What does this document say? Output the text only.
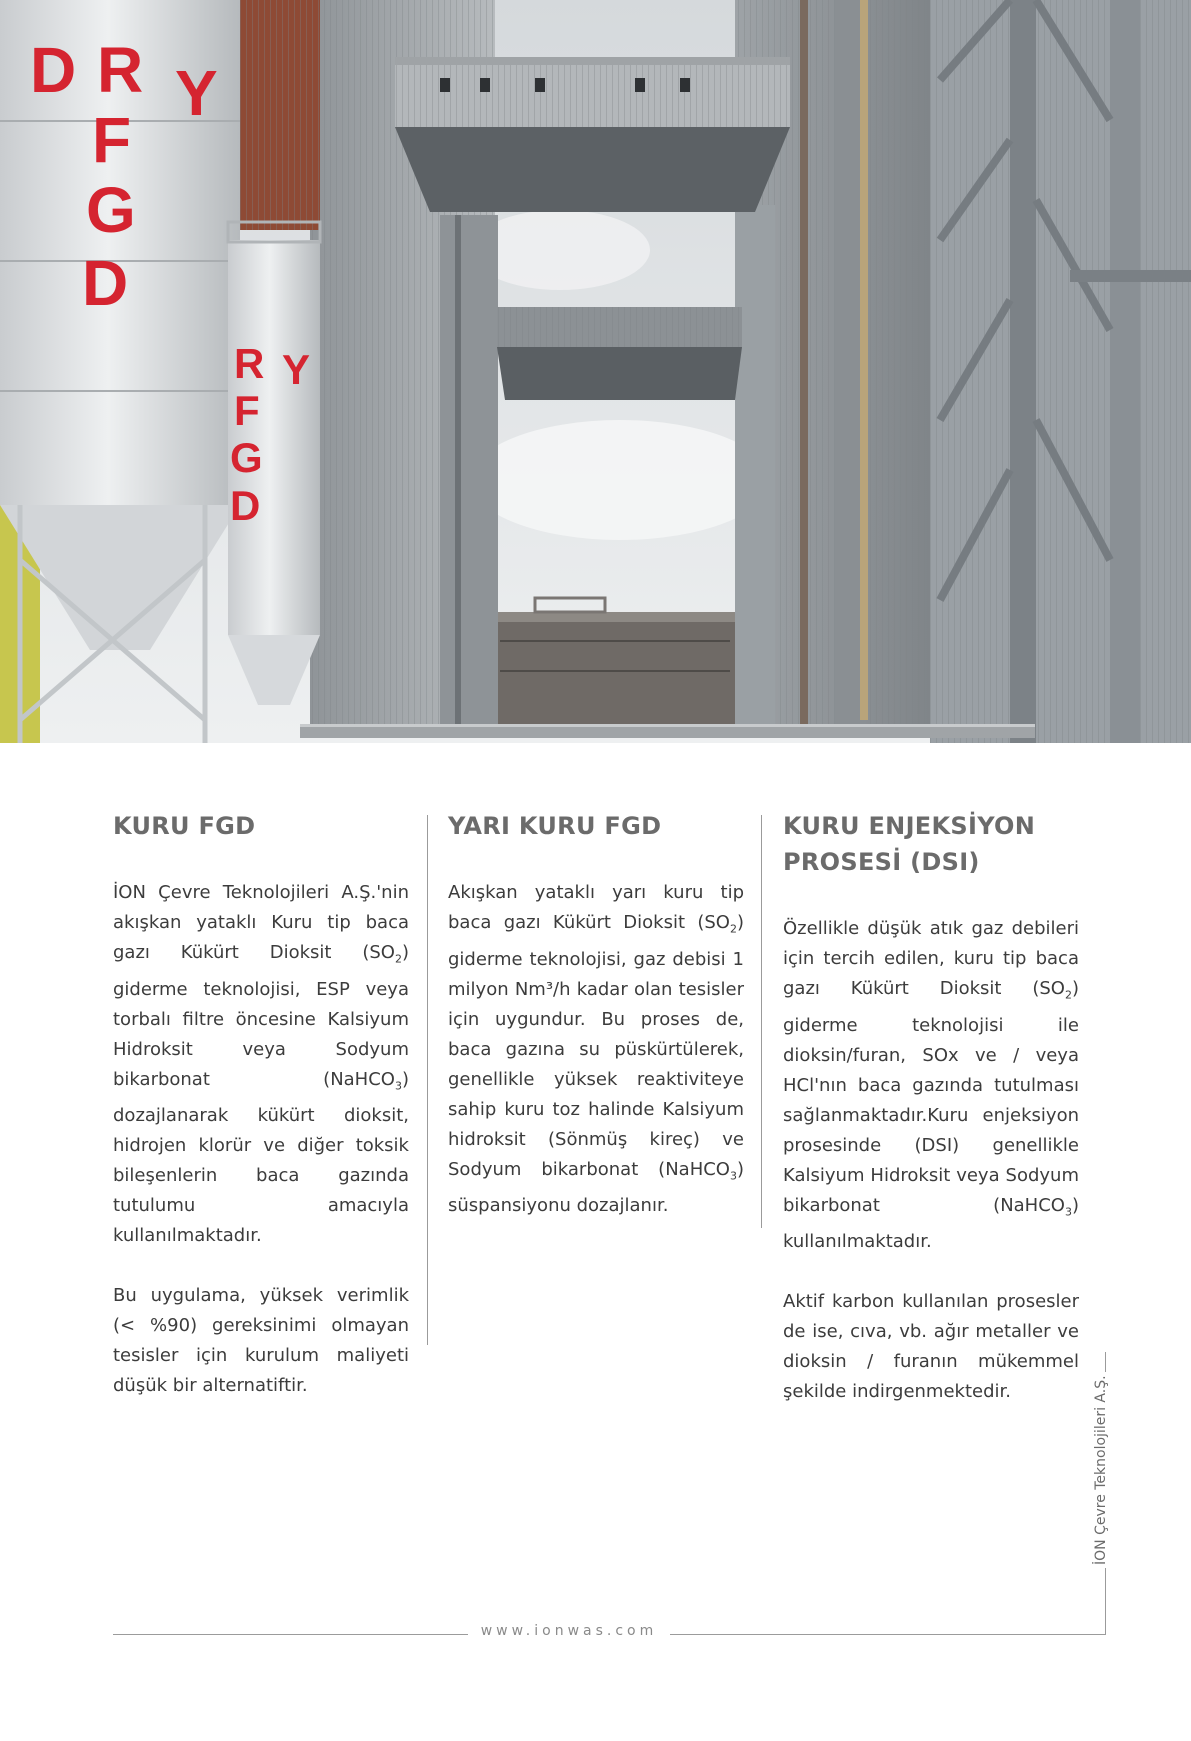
D R Y
F
G
D
R Y
F
G
D
KURU FGD

İON Çevre Teknolojileri A.Ş.'nin akışkan yataklı Kuru tip baca gazı Kükürt Dioksit $(SO_2)$ giderme teknolojisi, ESP veya torbalı filtre öncesine Kalsiyum Hidroksit veya Sodyum bikarbonat (NaHCO$_3$) dozajlanarak kükürt dioksit, hidrojen klorür ve diğer toksik bileşenlerin baca gazında tutulumu amacıyla kullanılmaktadır.

Bu uygulama, yüksek verimlik (< %90) gereksinimi olmayan tesisler için kurulum maliyeti düşük bir alternatiftir.

YARI KURU FGD

Akışkan yataklı yarı kuru tip baca gazı Kükürt Dioksit $(SO_2)$ giderme teknolojisi, gaz debisi 1 milyon Nm³/h kadar olan tesisler için uygundur. Bu proses de, baca gazına su püskürtülerek, genellikle yüksek reaktiviteye sahip kuru toz halinde Kalsiyum hidroksit (Sönmüş kireç) ve Sodyum bikarbonat (NaHCO$_3$) süspansiyonu dozajlanır.

KURU ENJEKSİYON PROSESİ (DSI)

Özellikle düşük atık gaz debileri için tercih edilen, kuru tip baca gazı Kükürt Dioksit $(SO_2)$ giderme teknolojisi ile dioksin/furan, SOx ve / veya HCl'nın baca gazında tutulması sağlanmaktadır.Kuru enjeksiyon prosesinde (DSI) genellikle Kalsiyum Hidroksit veya Sodyum bikarbonat (NaHCO$_3$) kullanılmaktadır.

Aktif karbon kullanılan prosesler de ise, cıva, vb. ağır metaller ve dioksin / furanın mükemmel şekilde indirgenmektedir.

www.ionwas.com
İON Çevre Teknolojileri A.Ş.
